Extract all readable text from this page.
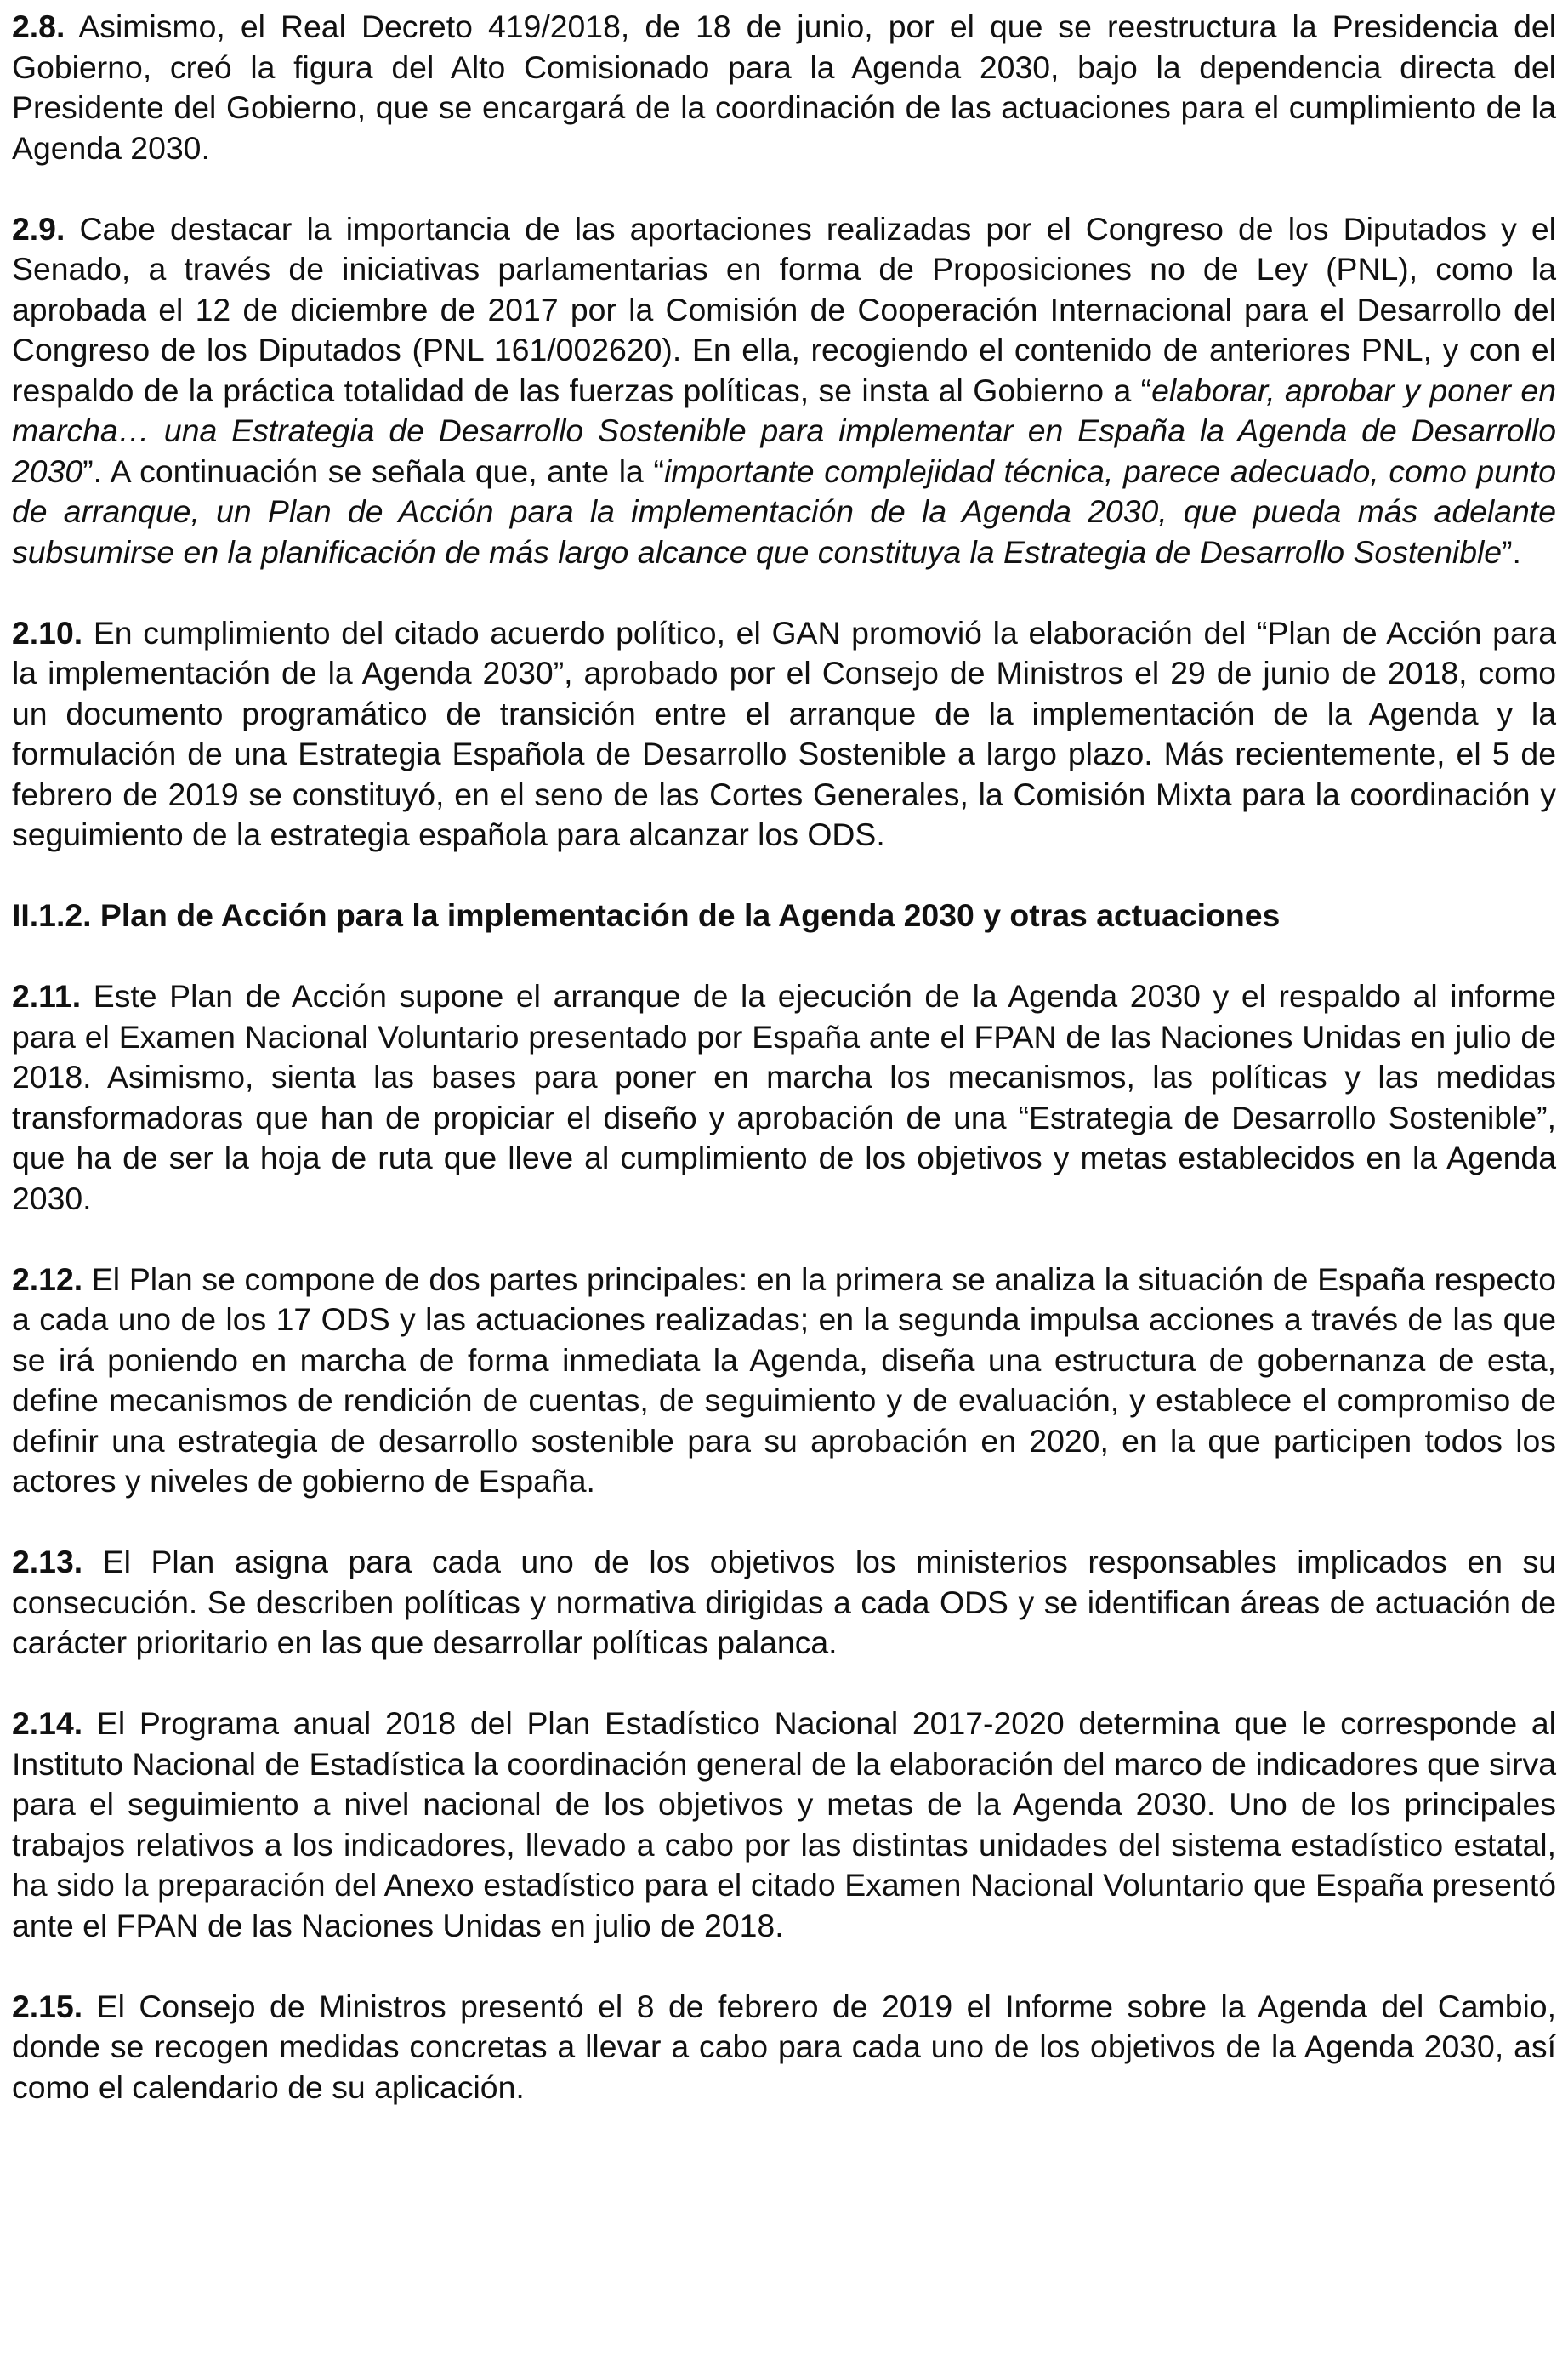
2.8. Asimismo, el Real Decreto 419/2018, de 18 de junio, por el que se reestructura la Presidencia del Gobierno, creó la figura del Alto Comisionado para la Agenda 2030, bajo la dependencia directa del Presidente del Gobierno, que se encargará de la coordinación de las actuaciones para el cumplimiento de la Agenda 2030.

2.9. Cabe destacar la importancia de las aportaciones realizadas por el Congreso de los Diputados y el Senado, a través de iniciativas parlamentarias en forma de Proposiciones no de Ley (PNL), como la aprobada el 12 de diciembre de 2017 por la Comisión de Cooperación Internacional para el Desarrollo del Congreso de los Diputados (PNL 161/002620). En ella, recogiendo el contenido de anteriores PNL, y con el respaldo de la práctica totalidad de las fuerzas políticas, se insta al Gobierno a “elaborar, aprobar y poner en marcha… una Estrategia de Desarrollo Sostenible para implementar en España la Agenda de Desarrollo 2030”. A continuación se señala que, ante la “importante complejidad técnica, parece adecuado, como punto de arranque, un Plan de Acción para la implementación de la Agenda 2030, que pueda más adelante subsumirse en la planificación de más largo alcance que constituya la Estrategia de Desarrollo Sostenible”.

2.10. En cumplimiento del citado acuerdo político, el GAN promovió la elaboración del “Plan de Acción para la implementación de la Agenda 2030”, aprobado por el Consejo de Ministros el 29 de junio de 2018, como un documento programático de transición entre el arranque de la implementación de la Agenda y la formulación de una Estrategia Española de Desarrollo Sostenible a largo plazo. Más recientemente, el 5 de febrero de 2019 se constituyó, en el seno de las Cortes Generales, la Comisión Mixta para la coordinación y seguimiento de la estrategia española para alcanzar los ODS.

II.1.2. Plan de Acción para la implementación de la Agenda 2030 y otras actuaciones

2.11. Este Plan de Acción supone el arranque de la ejecución de la Agenda 2030 y el respaldo al informe para el Examen Nacional Voluntario presentado por España ante el FPAN de las Naciones Unidas en julio de 2018. Asimismo, sienta las bases para poner en marcha los mecanismos, las políticas y las medidas transformadoras que han de propiciar el diseño y aprobación de una “Estrategia de Desarrollo Sostenible”, que ha de ser la hoja de ruta que lleve al cumplimiento de los objetivos y metas establecidos en la Agenda 2030.

2.12. El Plan se compone de dos partes principales: en la primera se analiza la situación de España respecto a cada uno de los 17 ODS y las actuaciones realizadas; en la segunda impulsa acciones a través de las que se irá poniendo en marcha de forma inmediata la Agenda, diseña una estructura de gobernanza de esta, define mecanismos de rendición de cuentas, de seguimiento y de evaluación, y establece el compromiso de definir una estrategia de desarrollo sostenible para su aprobación en 2020, en la que participen todos los actores y niveles de gobierno de España.

2.13. El Plan asigna para cada uno de los objetivos los ministerios responsables implicados en su consecución. Se describen políticas y normativa dirigidas a cada ODS y se identifican áreas de actuación de carácter prioritario en las que desarrollar políticas palanca.

2.14. El Programa anual 2018 del Plan Estadístico Nacional 2017-2020 determina que le corresponde al Instituto Nacional de Estadística la coordinación general de la elaboración del marco de indicadores que sirva para el seguimiento a nivel nacional de los objetivos y metas de la Agenda 2030. Uno de los principales trabajos relativos a los indicadores, llevado a cabo por las distintas unidades del sistema estadístico estatal, ha sido la preparación del Anexo estadístico para el citado Examen Nacional Voluntario que España presentó ante el FPAN de las Naciones Unidas en julio de 2018.

2.15. El Consejo de Ministros presentó el 8 de febrero de 2019 el Informe sobre la Agenda del Cambio, donde se recogen medidas concretas a llevar a cabo para cada uno de los objetivos de la Agenda 2030, así como el calendario de su aplicación.
